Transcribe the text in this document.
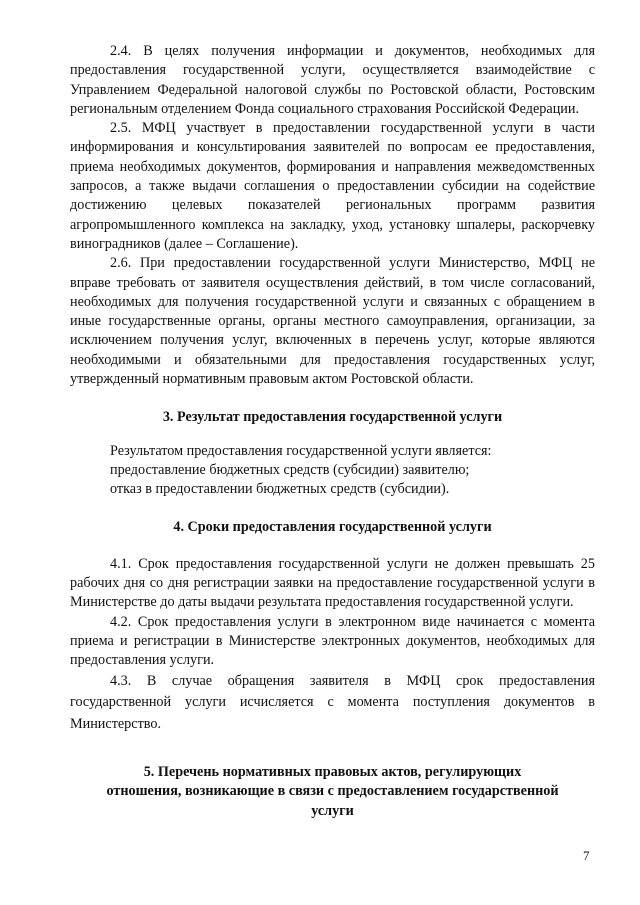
2.4. В целях получения информации и документов, необходимых для предоставления государственной услуги, осуществляется взаимодействие с Управлением Федеральной налоговой службы по Ростовской области, Ростовским региональным отделением Фонда социального страхования Российской Федерации.

2.5. МФЦ участвует в предоставлении государственной услуги в части информирования и консультирования заявителей по вопросам ее предоставления, приема необходимых документов, формирования и направления межведомственных запросов, а также выдачи соглашения о предоставлении субсидии на содействие достижению целевых показателей региональных программ развития агропромышленного комплекса на закладку, уход, установку шпалеры, раскорчевку виноградников (далее – Соглашение).

2.6. При предоставлении государственной услуги Министерство, МФЦ не вправе требовать от заявителя осуществления действий, в том числе согласований, необходимых для получения государственной услуги и связанных с обращением в иные государственные органы, органы местного самоуправления, организации, за исключением получения услуг, включенных в перечень услуг, которые являются необходимыми и обязательными для предоставления государственных услуг, утвержденный нормативным правовым актом Ростовской области.

3. Результат предоставления государственной услуги

Результатом предоставления государственной услуги является:

предоставление бюджетных средств (субсидии) заявителю;

отказ в предоставлении бюджетных средств (субсидии).

4. Сроки предоставления государственной услуги

4.1. Срок предоставления государственной услуги не должен превышать 25 рабочих дня со дня регистрации заявки на предоставление государственной услуги в Министерстве до даты выдачи результата предоставления государственной услуги.

4.2. Срок предоставления услуги в электронном виде начинается с момента приема и регистрации в Министерстве электронных документов, необходимых для предоставления услуги.

4.3. В случае обращения заявителя в МФЦ срок предоставления государственной услуги исчисляется с момента поступления документов в Министерство.

5. Перечень нормативных правовых актов, регулирующих

отношения, возникающие в связи с предоставлением государственной

услуги

7
